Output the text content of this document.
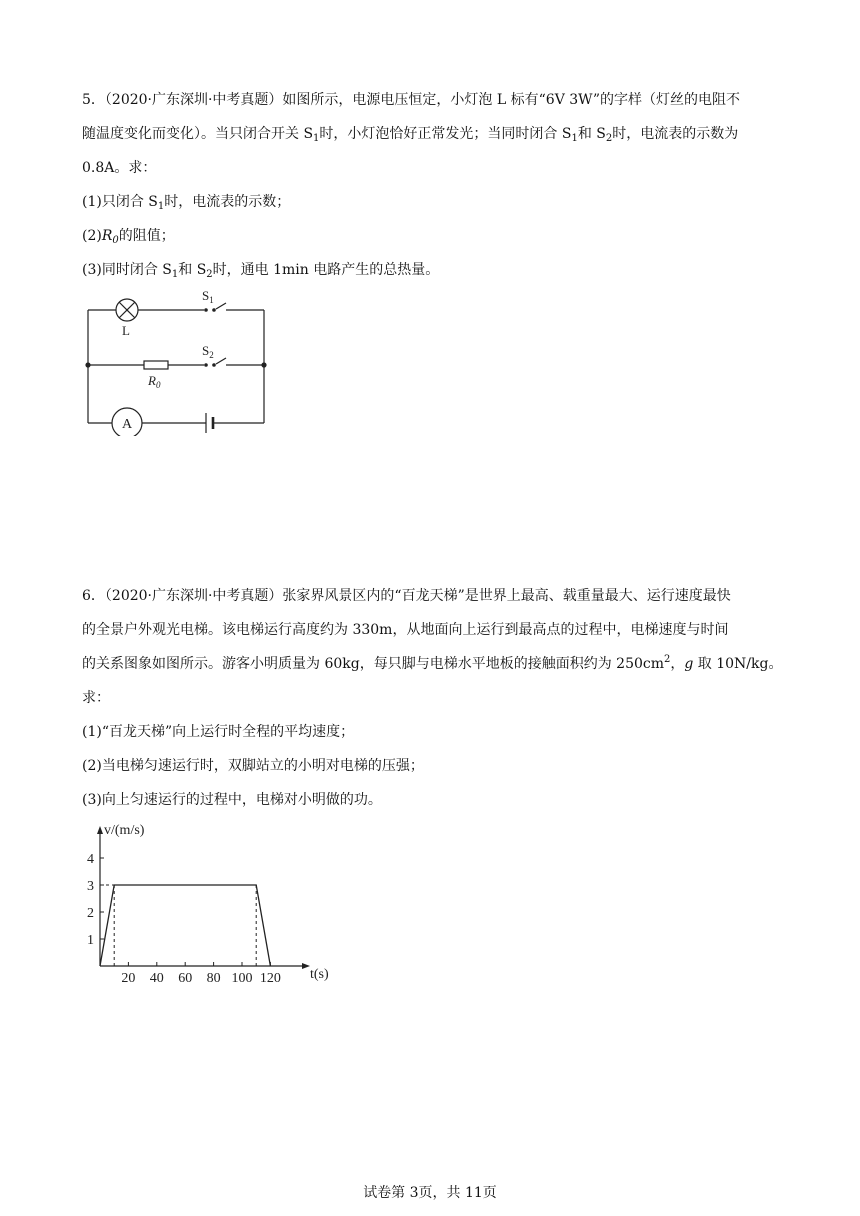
5．（2020·广东深圳·中考真题）如图所示，电源电压恒定，小灯泡 L 标有“6V 3W”的字样（灯丝的电阻不
随温度变化而变化）。当只闭合开关 $S_1$时，小灯泡恰好正常发光；当同时闭合 $S_1$和 $S_2$时，电流表的示数为
0.8A。求：
(1)只闭合 $S_1$时，电流表的示数；
$(2)R_0$的阻值；
(3)同时闭合 $S_1$和 $S_2$时，通电 1min 电路产生的总热量。
L
$S_1$
$R_0$
$S_2$
A
6．（2020·广东深圳·中考真题）张家界风景区内的“百龙天梯”是世界上最高、载重量最大、运行速度最快
的全景户外观光电梯。该电梯运行高度约为 330m，从地面向上运行到最高点的过程中，电梯速度与时间
的关系图象如图所示。游客小明质量为 60kg，每只脚与电梯水平地板的接触面积约为 $250cm^2$，g 取 10N/kg。
求：
(1)“百龙天梯”向上运行时全程的平均速度；
(2)当电梯匀速运行时，双脚站立的小明对电梯的压强；
(3)向上匀速运行的过程中，电梯对小明做的功。
20 40 60 80 100 120
1
2
3
4
v/(m/s)
t(s)
试卷第 3页，共 11页
